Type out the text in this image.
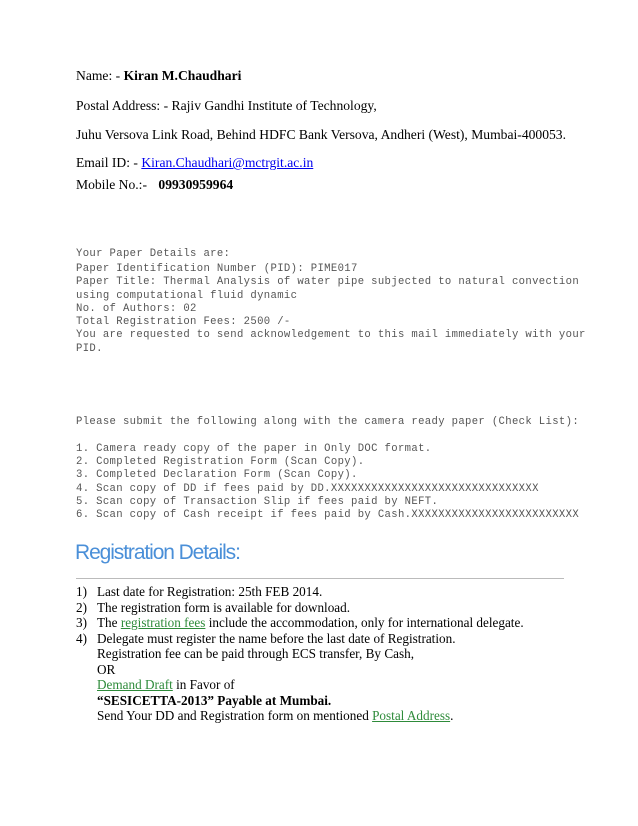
Name: - Kiran M.Chaudhari
Postal Address: - Rajiv Gandhi Institute of Technology,
Juhu Versova Link Road, Behind HDFC Bank Versova, Andheri (West), Mumbai-400053.
Email ID: - Kiran.Chaudhari@mctrgit.ac.in
Mobile No.:- 09930959964
Your Paper Details are:
Paper Identification Number (PID): PIME017
Paper Title: Thermal Analysis of water pipe subjected to natural convection
using computational fluid dynamic
No. of Authors: 02
Total Registration Fees: 2500 /-
You are requested to send acknowledgement to this mail immediately with your
PID.
Please submit the following along with the camera ready paper (Check List):
1. Camera ready copy of the paper in Only DOC format.
2. Completed Registration Form (Scan Copy).
3. Completed Declaration Form (Scan Copy).
4. Scan copy of DD if fees paid by DD.XXXXXXXXXXXXXXXXXXXXXXXXXXXXXXX
5. Scan copy of Transaction Slip if fees paid by NEFT.
6. Scan copy of Cash receipt if fees paid by Cash.XXXXXXXXXXXXXXXXXXXXXXXXX
Registration Details:
1) Last date for Registration: 25th FEB 2014.
2) The registration form is available for download.
3) The registration fees include the accommodation, only for international delegate.
4) Delegate must register the name before the last date of Registration.
Registration fee can be paid through ECS transfer, By Cash,
OR
Demand Draft in Favor of
“SESICETTA-2013” Payable at Mumbai.
Send Your DD and Registration form on mentioned Postal Address.
